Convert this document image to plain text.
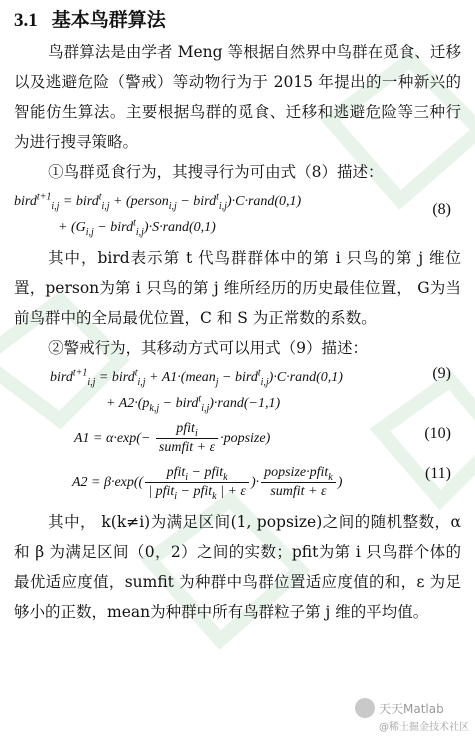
3.1 基本鸟群算法

鸟群算法是由学者 Meng 等根据自然界中鸟群在觅食、迁移以及逃避危险（警戒）等动物行为于 2015 年提出的一种新兴的智能仿生算法。主要根据鸟群的觅食、迁移和逃避危险等三种行为进行搜寻策略。

①鸟群觅食行为，其搜寻行为可由式（8）描述：

bird$^{t+1}_{i,j}$ = bird$^t_{i,j}$ + (person$_{i,j}$ − bird$^t_{i,j}$)·C·rand(0,1)
+ ($G_{i,j}$ − bird$^t_{i,j}$)·S·rand(0,1)
(8)

其中，bird表示第 t 代鸟群群体中的第 i 只鸟的第 j 维位置，person为第 i 只鸟的第 j 维所经历的历史最佳位置， G为当前鸟群中的全局最优位置，C 和 S 为正常数的系数。

②警戒行为，其移动方式可以用式（9）描述：

bird$^{t+1}_{i,j}$ = bird$^t_{i,j}$ + A1·(mean$_j$ − bird$^t_{i,j}$)·C·rand(0,1)
+ $A2\cdot(p_{k,j}$ − bird$^t_{i,j}$)·rand(−1,1)
(9)
$A1 = \alpha\cdot\exp(- \frac{pfit_i}{\text{sumfit + ε}}$ ·popsize)	(10)
$A2 = \beta\cdot\exp(( \frac{pfit_i - pfit_k}{| pfit_i - pfit_k | + \varepsilon}$ )· $\frac{popsize\cdot pfit_k}{\text{sumfit + ε}}$ )
(11)

其中， k(k≠i)为满足区间(1, popsize)之间的随机整数，α 和 β 为满足区间（0，2）之间的实数；pfit为第 i 只鸟群个体的最优适应度值，sumfit 为种群中鸟群位置适应度值的和，ε 为足够小的正数，mean为种群中所有鸟群粒子第 j 维的平均值。

天天Matlab
@稀土掘金技术社区
